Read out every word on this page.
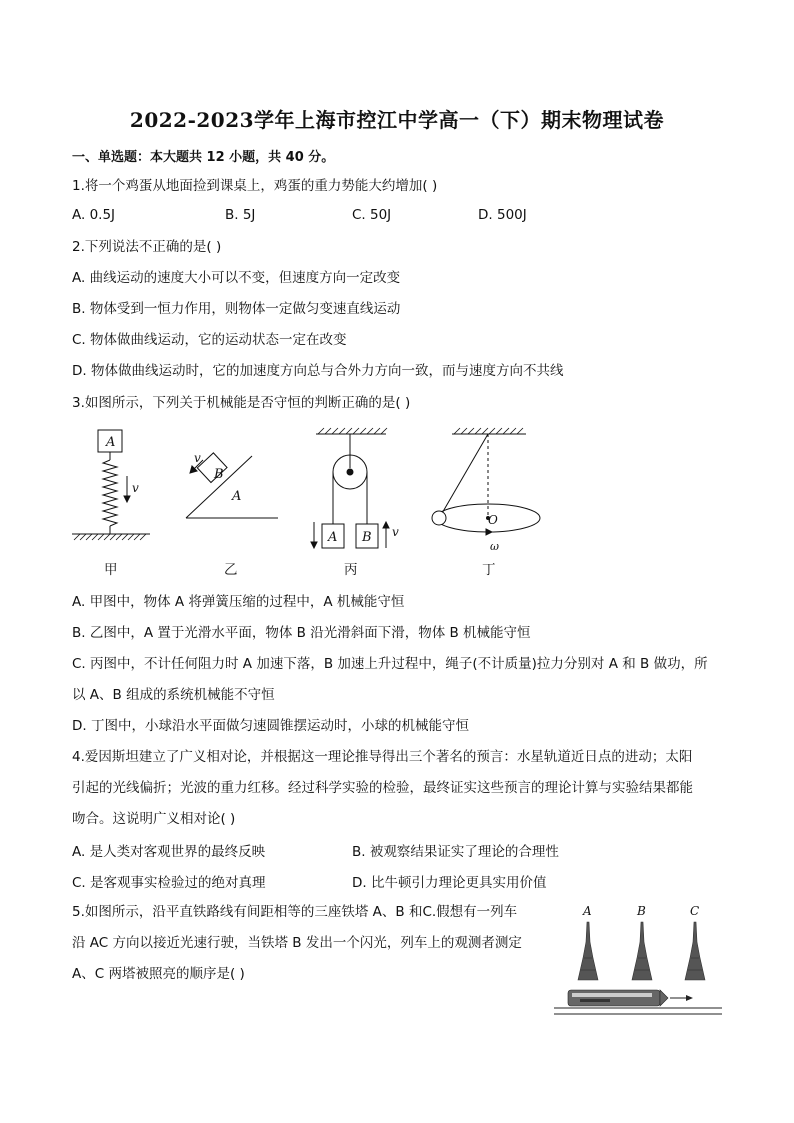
2022-2023学年上海市控江中学高一（下）期末物理试卷
一、单选题：本大题共 12 小题，共 40 分。
1.将一个鸡蛋从地面捡到课桌上，鸡蛋的重力势能大约增加( )
A. 0.5J	B. 5J	C. 50J	D. 500J
2.下列说法不正确的是( )
A. 曲线运动的速度大小可以不变，但速度方向一定改变
B. 物体受到一恒力作用，则物体一定做匀变速直线运动
C. 物体做曲线运动，它的运动状态一定在改变
D. 物体做曲线运动时，它的加速度方向总与合外力方向一致，而与速度方向不共线
3.如图所示，下列关于机械能是否守恒的判断正确的是( )
A
v
B
A
v
A B v
O
ω
甲	乙	丙	丁
A. 甲图中，物体 A 将弹簧压缩的过程中，A 机械能守恒
B. 乙图中，A 置于光滑水平面，物体 B 沿光滑斜面下滑，物体 B 机械能守恒
C. 丙图中，不计任何阻力时 A 加速下落，B 加速上升过程中，绳子(不计质量)拉力分别对 A 和 B 做功，所
以 A、B 组成的系统机械能不守恒
D. 丁图中，小球沿水平面做匀速圆锥摆运动时，小球的机械能守恒
4.爱因斯坦建立了广义相对论，并根据这一理论推导得出三个著名的预言：水星轨道近日点的进动；太阳
引起的光线偏折；光波的重力红移。经过科学实验的检验，最终证实这些预言的理论计算与实验结果都能
吻合。这说明广义相对论( )
A. 是人类对客观世界的最终反映	B. 被观察结果证实了理论的合理性
C. 是客观事实检验过的绝对真理	D. 比牛顿引力理论更具实用价值
5.如图所示，沿平直铁路线有间距相等的三座铁塔 A、B 和C.假想有一列车
沿 AC 方向以接近光速行驶，当铁塔 B 发出一个闪光，列车上的观测者测定
A、C 两塔被照亮的顺序是( )
A	B	C
